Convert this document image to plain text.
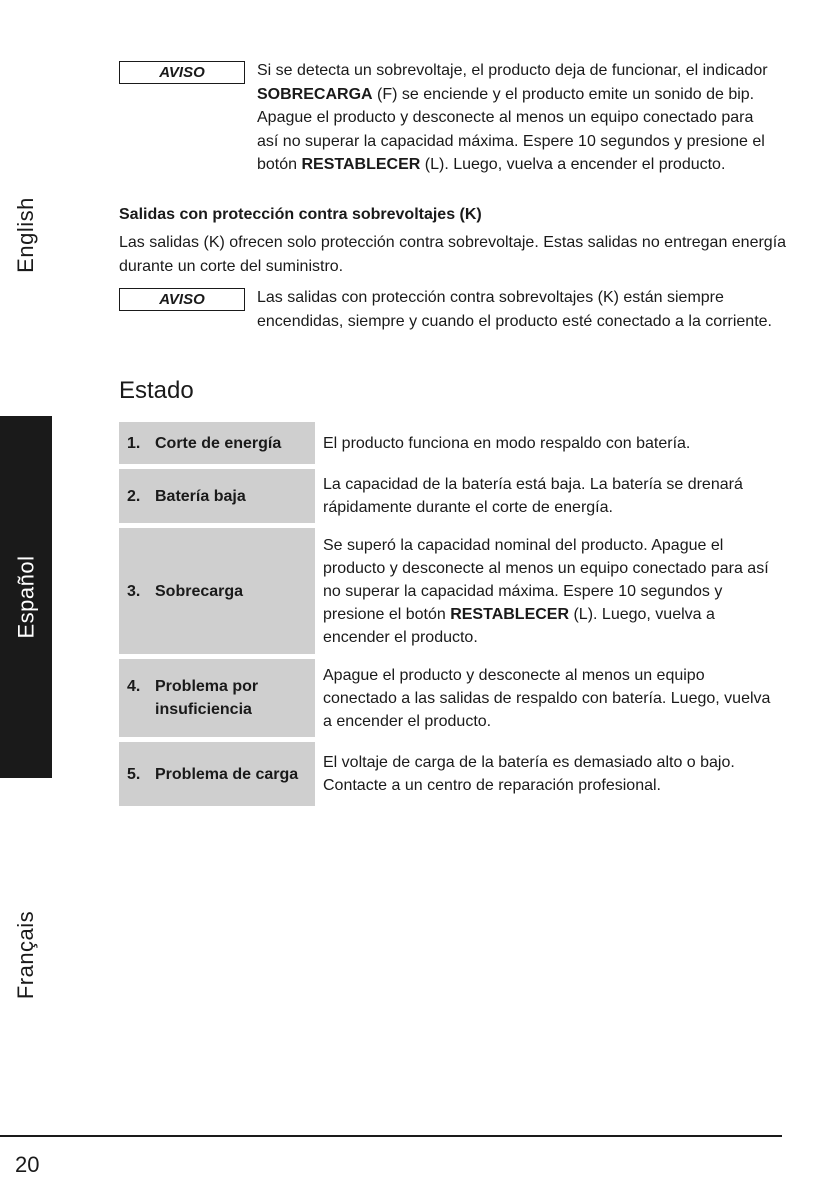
English
Español
Français
AVISO	Si se detecta un sobrevoltaje, el producto deja de funcionar, el indicador SOBRECARGA (F) se enciende y el producto emite un sonido de bip. Apague el producto y desconecte al menos un equipo conectado para así no superar la capacidad máxima. Espere 10 segundos y presione el botón RESTABLECER (L). Luego, vuelva a encender el producto.
Salidas con protección contra sobrevoltajes (K)
Las salidas (K) ofrecen solo protección contra sobrevoltaje. Estas salidas no entregan energía durante un corte del suministro.
AVISO	Las salidas con protección contra sobrevoltajes (K) están siempre encendidas, siempre y cuando el producto esté conectado a la corriente.
Estado
1. Corte de energía	El producto funciona en modo respaldo con batería.

2. Batería baja	La capacidad de la batería está baja. La batería se drenará rápidamente durante el corte de energía.

3. Sobrecarga	Se superó la capacidad nominal del producto. Apague el producto y desconecte al menos un equipo conectado para así no superar la capacidad máxima. Espere 10 segundos y presione el botón RESTABLECER (L). Luego, vuelva a encender el producto.

4. Problema por insuficiencia	Apague el producto y desconecte al menos un equipo conectado a las salidas de respaldo con batería. Luego, vuelva a encender el producto.

5. Problema de carga	El voltaje de carga de la batería es demasiado alto o bajo. Contacte a un centro de reparación profesional.
20
